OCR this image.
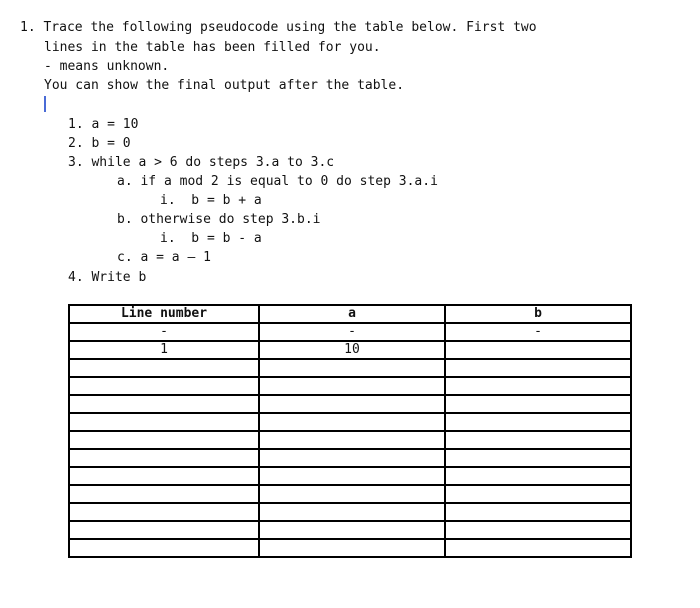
1. Trace the following pseudocode using the table below. First two
lines in the table has been filled for you.
- means unknown.
You can show the final output after the table.
1. a = 10
2. b = 0
3. while a > 6 do steps 3.a to 3.c
a. if a mod 2 is equal to 0 do step 3.a.i
i.  b = b + a
b. otherwise do step 3.b.i
i.  b = b - a
c. a = a – 1
4. Write b
Line number	a	b
-	-	-
1	10	
